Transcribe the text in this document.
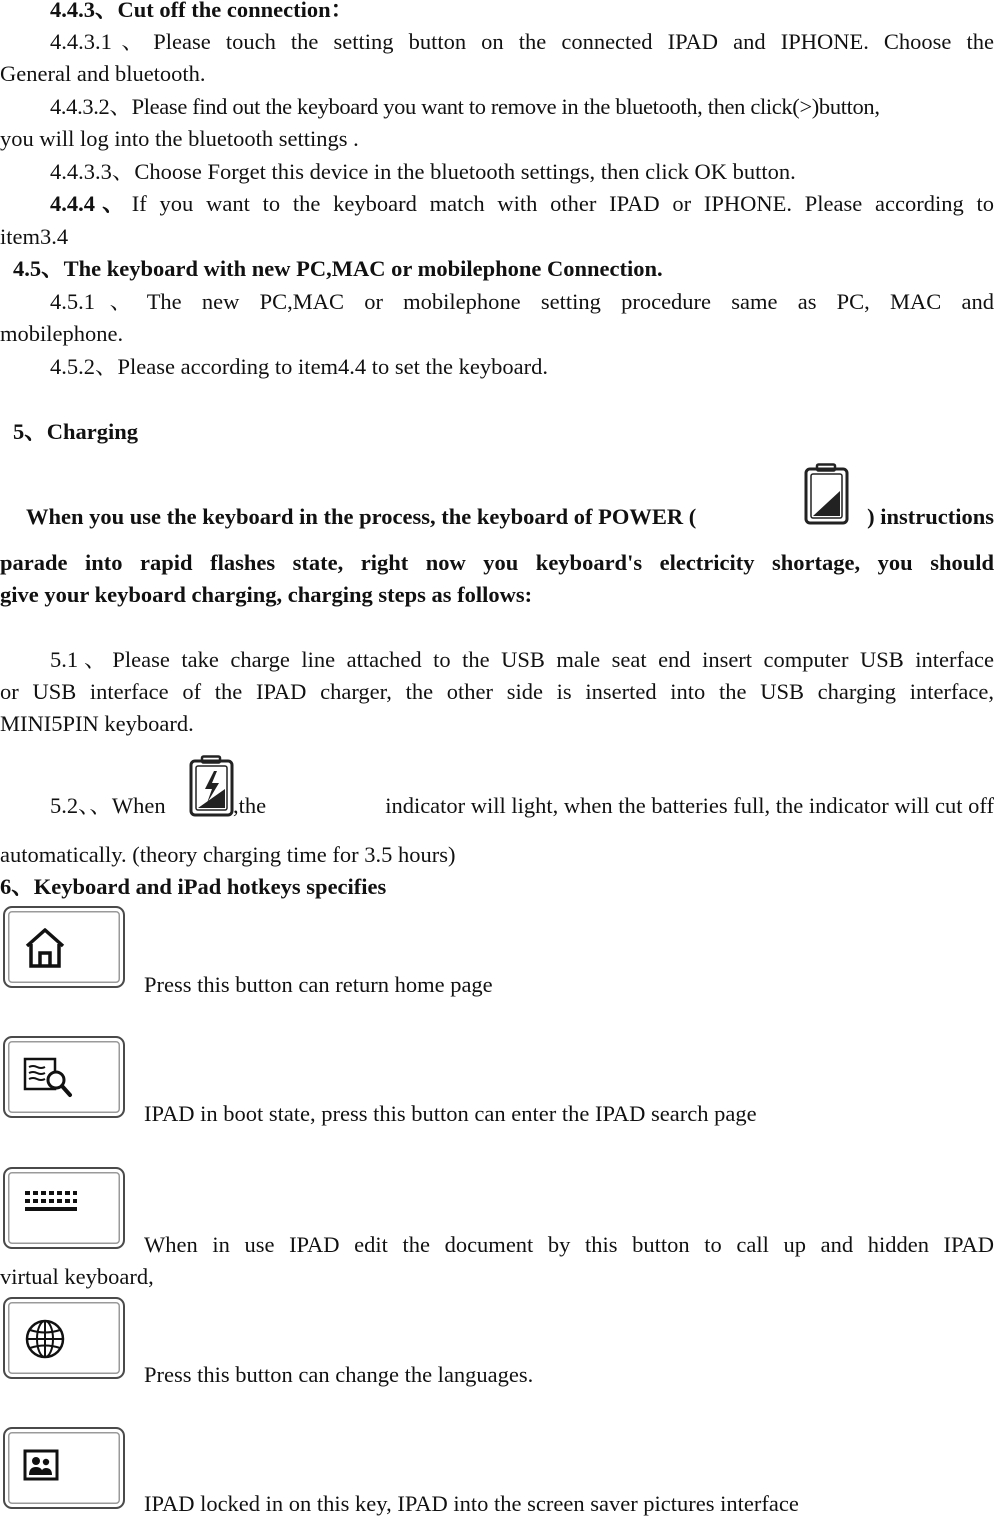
4.4.3、Cut off the connection：
4.4.3.1、Please touch the setting button on the connected IPAD and IPHONE. Choose the
General and bluetooth.
4.4.3.2、Please find out the keyboard you want to remove in the bluetooth, then click(>)button,
you will log into the bluetooth settings .
4.4.3.3、Choose Forget this device in the bluetooth settings, then click OK button.
4.4.4、If you want to the keyboard match with other IPAD or IPHONE. Please according to
item3.4
4.5、The keyboard with new PC,MAC or mobilephone Connection.
4.5.1、The new PC,MAC or mobilephone setting procedure same as PC, MAC and
mobilephone.
4.5.2、Please according to item4.4 to set the keyboard.
5、Charging
When you use the keyboard in the process, the keyboard of POWER (	) instructions
parade into rapid flashes state, right now you keyboard's electricity shortage, you should
give your keyboard charging, charging steps as follows:
5.1、Please take charge line attached to the USB male seat end insert computer USB interface
or USB interface of the IPAD charger, the other side is inserted into the USB charging interface,
MINI5PIN keyboard.
5.2、、When	,the	indicator will light, when the batteries full, the indicator will cut off
automatically. (theory charging time for 3.5 hours)
6、Keyboard and iPad hotkeys specifies
Press this button can return home page
IPAD in boot state, press this button can enter the IPAD search page
When in use IPAD edit the document by this button to call up and hidden IPAD
virtual keyboard,
Press this button can change the languages.
IPAD locked in on this key, IPAD into the screen saver pictures interface
